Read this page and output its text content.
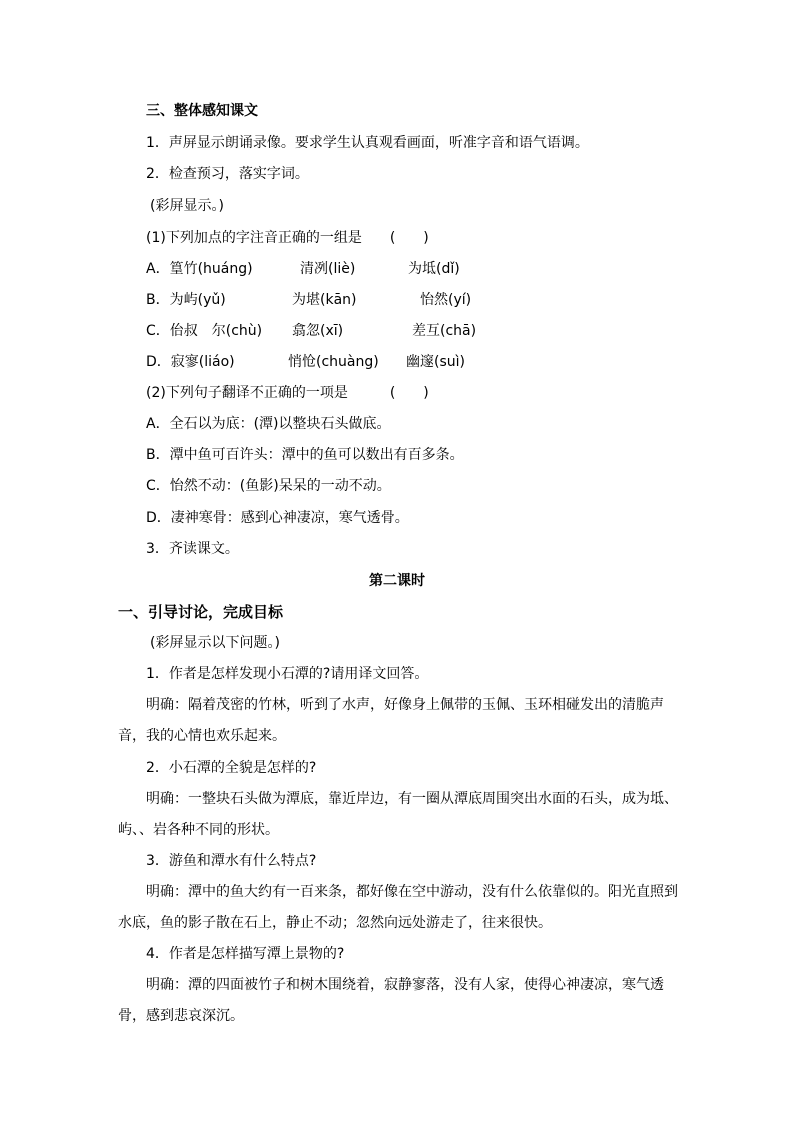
三、整体感知课文
1．声屏显示朗诵录像。要求学生认真观看画面，听准字音和语气语调。
2．检查预习，落实字词。
(彩屏显示。)
(1)下列加点的字注音正确的一组是　　(　　)
A．篁竹(huáng)	清冽(liè)	为坻(dǐ)
B．为屿(yǔ)	为堪(kān)	怡然(yí)
C．佁叔　尔(chù) 翕忽(xī)	差互(chā)
D．寂寥(liáo)	悄怆(chuàng) 幽邃(suì)
(2)下列句子翻译不正确的一项是　　　(　　)
A．全石以为底：(潭)以整块石头做底。
B．潭中鱼可百许头：潭中的鱼可以数出有百多条。
C．怡然不动：(鱼影)呆呆的一动不动。
D．凄神寒骨：感到心神凄凉，寒气透骨。
3．齐读课文。
第二课时
一、引导讨论，完成目标
(彩屏显示以下问题。)
1．作者是怎样发现小石潭的?请用译文回答。

明确：隔着茂密的竹林，听到了水声，好像身上佩带的玉佩、玉环相碰发出的清脆声音，我的心情也欢乐起来。

2．小石潭的全貌是怎样的?

明确：一整块石头做为潭底，靠近岸边，有一圈从潭底周围突出水面的石头，成为坻、屿、、岩各种不同的形状。

3．游鱼和潭水有什么特点?

明确：潭中的鱼大约有一百来条，都好像在空中游动，没有什么依靠似的。阳光直照到水底，鱼的影子散在石上，静止不动；忽然向远处游走了，往来很快。

4．作者是怎样描写潭上景物的?

明确：潭的四面被竹子和树木围绕着，寂静寥落，没有人家，使得心神凄凉，寒气透骨，感到悲哀深沉。
